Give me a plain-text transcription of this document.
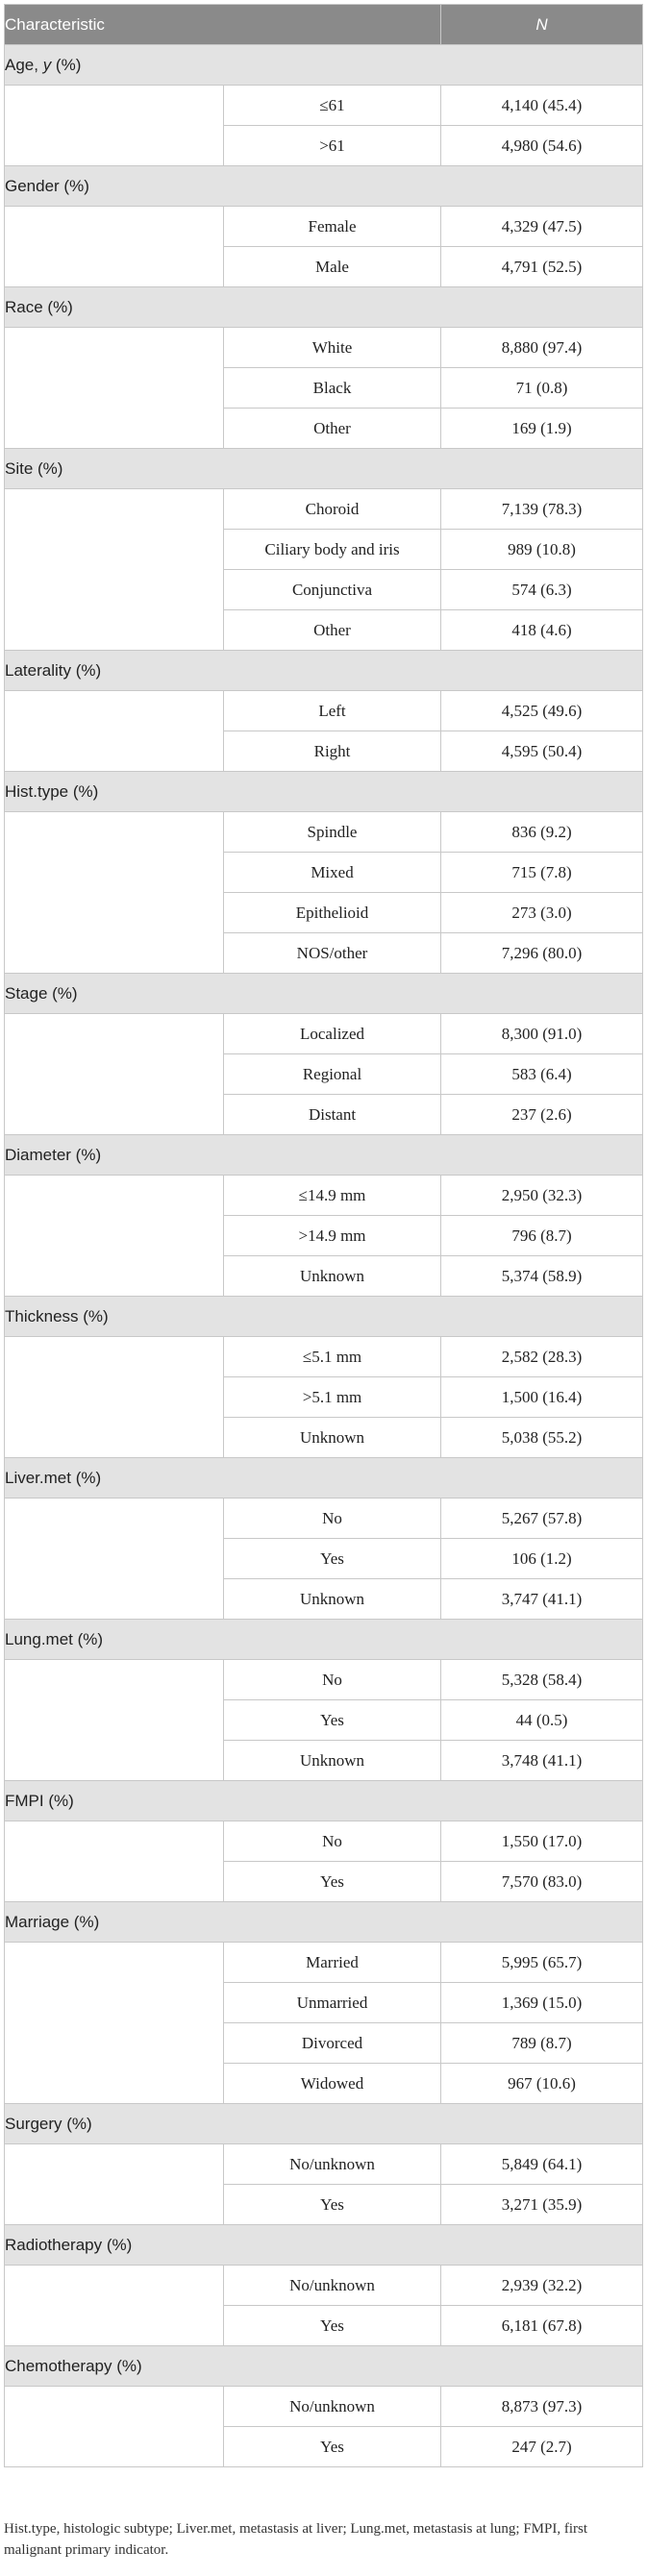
Characteristic		N
Age, y (%)		
	≤61	4,140 (45.4)
	>61	4,980 (54.6)
Gender (%)		
	Female	4,329 (47.5)
	Male	4,791 (52.5)
Race (%)		
	White	8,880 (97.4)
	Black	71 (0.8)
	Other	169 (1.9)
Site (%)		
	Choroid	7,139 (78.3)
	Ciliary body and iris	989 (10.8)
	Conjunctiva	574 (6.3)
	Other	418 (4.6)
Laterality (%)		
	Left	4,525 (49.6)
	Right	4,595 (50.4)
Hist.type (%)		
	Spindle	836 (9.2)
	Mixed	715 (7.8)
	Epithelioid	273 (3.0)
	NOS/other	7,296 (80.0)
Stage (%)		
	Localized	8,300 (91.0)
	Regional	583 (6.4)
	Distant	237 (2.6)
Diameter (%)		
	≤14.9 mm	2,950 (32.3)
	>14.9 mm	796 (8.7)
	Unknown	5,374 (58.9)
Thickness (%)		
	≤5.1 mm	2,582 (28.3)
	>5.1 mm	1,500 (16.4)
	Unknown	5,038 (55.2)
Liver.met (%)		
	No	5,267 (57.8)
	Yes	106 (1.2)
	Unknown	3,747 (41.1)
Lung.met (%)		
	No	5,328 (58.4)
	Yes	44 (0.5)
	Unknown	3,748 (41.1)
FMPI (%)		
	No	1,550 (17.0)
	Yes	7,570 (83.0)
Marriage (%)		
	Married	5,995 (65.7)
	Unmarried	1,369 (15.0)
	Divorced	789 (8.7)
	Widowed	967 (10.6)
Surgery (%)		
	No/unknown	5,849 (64.1)
	Yes	3,271 (35.9)
Radiotherapy (%)		
	No/unknown	2,939 (32.2)
	Yes	6,181 (67.8)
Chemotherapy (%)		
	No/unknown	8,873 (97.3)
	Yes	247 (2.7)
Hist.type, histologic subtype; Liver.met, metastasis at liver; Lung.met, metastasis at lung; FMPI, first malignant primary indicator.
